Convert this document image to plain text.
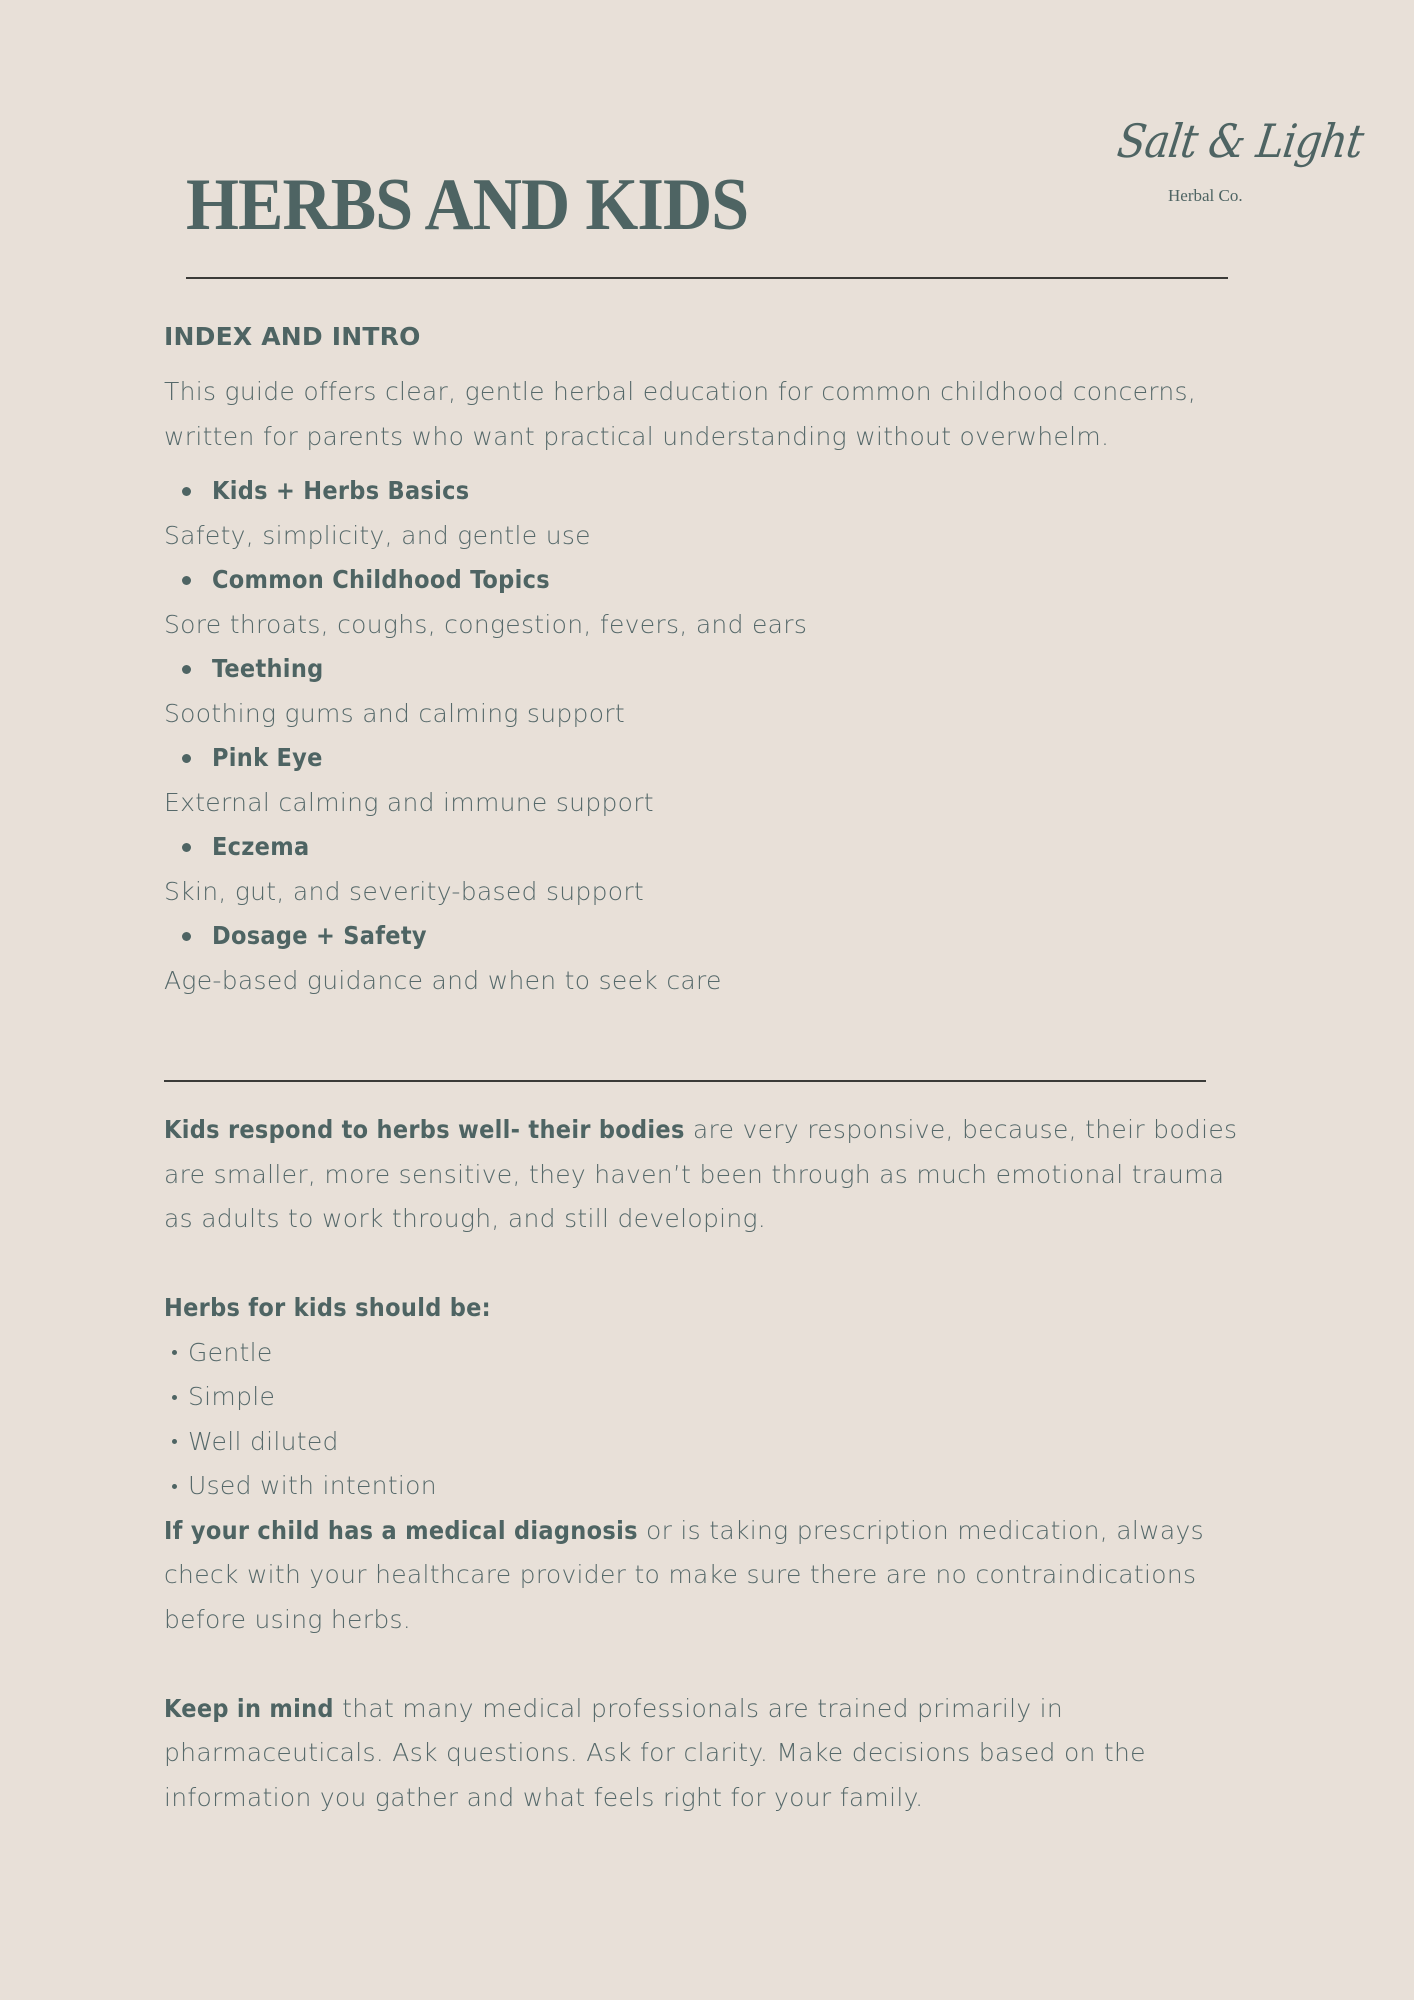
Salt & Light
Herbal Co.
HERBS AND KIDS
INDEX AND INTRO

This guide offers clear, gentle herbal education for common childhood concerns, written for parents who want practical understanding without overwhelm.

Kids + Herbs Basics
Safety, simplicity, and gentle use
Common Childhood Topics
Sore throats, coughs, congestion, fevers, and ears
Teething
Soothing gums and calming support
Pink Eye
External calming and immune support
Eczema
Skin, gut, and severity-based support
Dosage + Safety
Age-based guidance and when to seek care

Kids respond to herbs well- their bodies are very responsive, because, their bodies are smaller, more sensitive, they haven’t been through as much emotional trauma as adults to work through, and still developing.

Herbs for kids should be:

Gentle
Simple
Well diluted
Used with intention

If your child has a medical diagnosis or is taking prescription medication, always check with your healthcare provider to make sure there are no contraindications before using herbs.

Keep in mind that many medical professionals are trained primarily in pharmaceuticals. Ask questions. Ask for clarity. Make decisions based on the information you gather and what feels right for your family.
